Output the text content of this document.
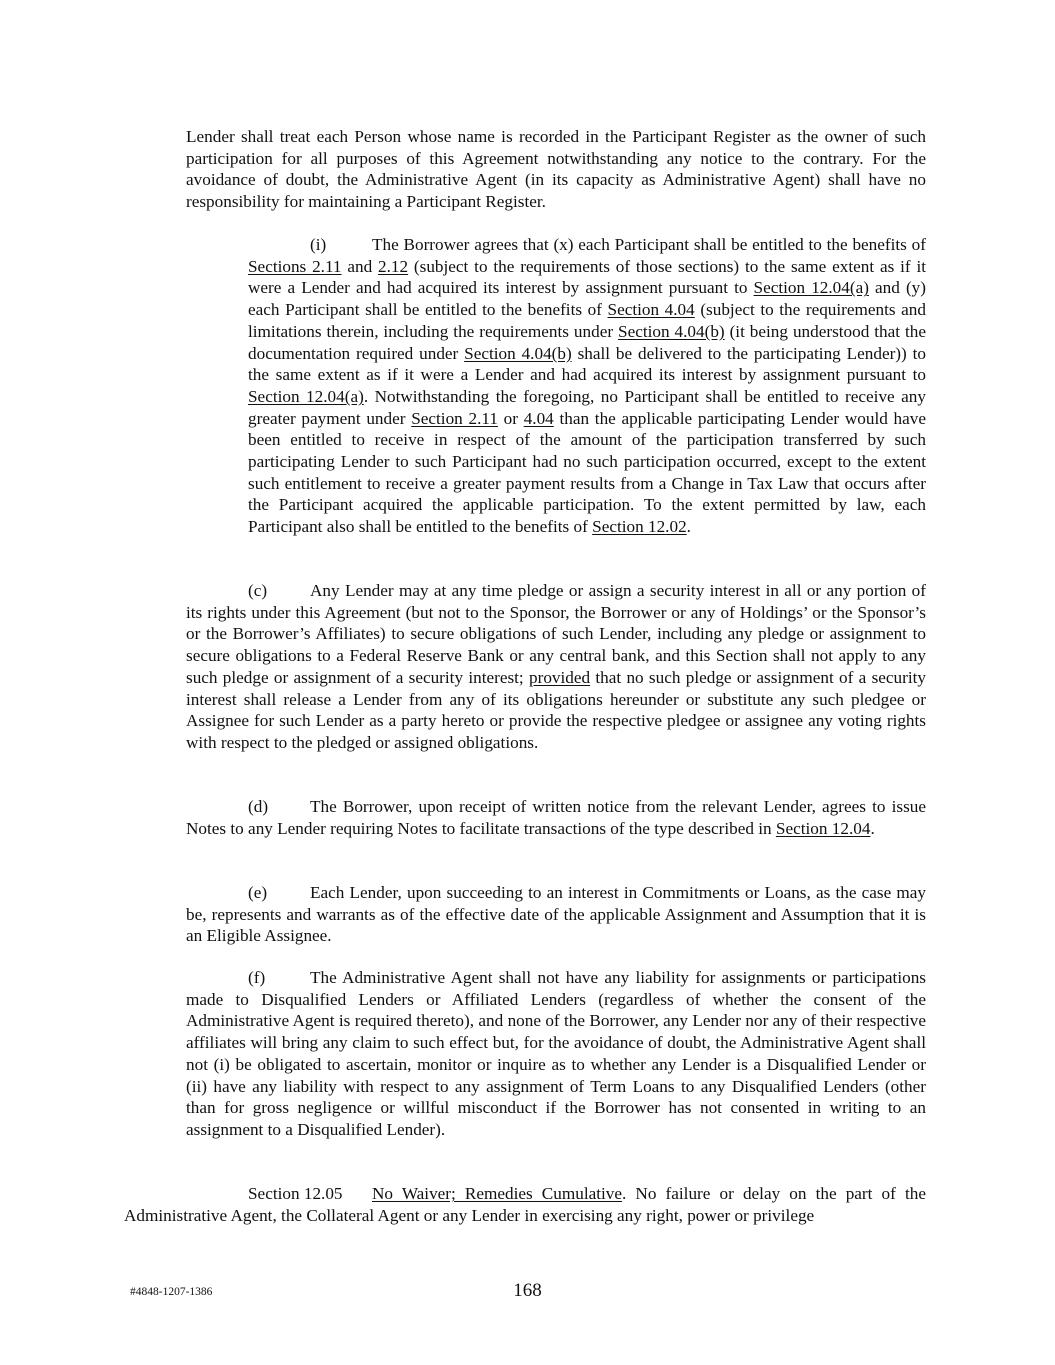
Lender shall treat each Person whose name is recorded in the Participant Register as the owner of such participation for all purposes of this Agreement notwithstanding any notice to the contrary. For the avoidance of doubt, the Administrative Agent (in its capacity as Administrative Agent) shall have no responsibility for maintaining a Participant Register.
(i)	The Borrower agrees that (x) each Participant shall be entitled to the benefits of Sections 2.11 and 2.12 (subject to the requirements of those sections) to the same extent as if it were a Lender and had acquired its interest by assignment pursuant to Section 12.04(a) and (y) each Participant shall be entitled to the benefits of Section 4.04 (subject to the requirements and limitations therein, including the requirements under Section 4.04(b) (it being understood that the documentation required under Section 4.04(b) shall be delivered to the participating Lender)) to the same extent as if it were a Lender and had acquired its interest by assignment pursuant to Section 12.04(a). Notwithstanding the foregoing, no Participant shall be entitled to receive any greater payment under Section 2.11 or 4.04 than the applicable participating Lender would have been entitled to receive in respect of the amount of the participation transferred by such participating Lender to such Participant had no such participation occurred, except to the extent such entitlement to receive a greater payment results from a Change in Tax Law that occurs after the Participant acquired the applicable participation. To the extent permitted by law, each Participant also shall be entitled to the benefits of Section 12.02.
(c) Any Lender may at any time pledge or assign a security interest in all or any portion of its rights under this Agreement (but not to the Sponsor, the Borrower or any of Holdings’ or the Sponsor’s or the Borrower’s Affiliates) to secure obligations of such Lender, including any pledge or assignment to secure obligations to a Federal Reserve Bank or any central bank, and this Section shall not apply to any such pledge or assignment of a security interest; provided that no such pledge or assignment of a security interest shall release a Lender from any of its obligations hereunder or substitute any such pledgee or Assignee for such Lender as a party hereto or provide the respective pledgee or assignee any voting rights with respect to the pledged or assigned obligations.
(d) The Borrower, upon receipt of written notice from the relevant Lender, agrees to issue Notes to any Lender requiring Notes to facilitate transactions of the type described in Section 12.04.
(e) Each Lender, upon succeeding to an interest in Commitments or Loans, as the case may be, represents and warrants as of the effective date of the applicable Assignment and Assumption that it is an Eligible Assignee.
(f)	The Administrative Agent shall not have any liability for assignments or participations made to Disqualified Lenders or Affiliated Lenders (regardless of whether the consent of the Administrative Agent is required thereto), and none of the Borrower, any Lender nor any of their respective affiliates will bring any claim to such effect but, for the avoidance of doubt, the Administrative Agent shall not (i) be obligated to ascertain, monitor or inquire as to whether any Lender is a Disqualified Lender or (ii) have any liability with respect to any assignment of Term Loans to any Disqualified Lenders (other than for gross negligence or willful misconduct if the Borrower has not consented in writing to an assignment to a Disqualified Lender).
Section 12.05 No Waiver; Remedies Cumulative. No failure or delay on the part of the Administrative Agent, the Collateral Agent or any Lender in exercising any right, power or privilege
#4848-1207-1386	168
